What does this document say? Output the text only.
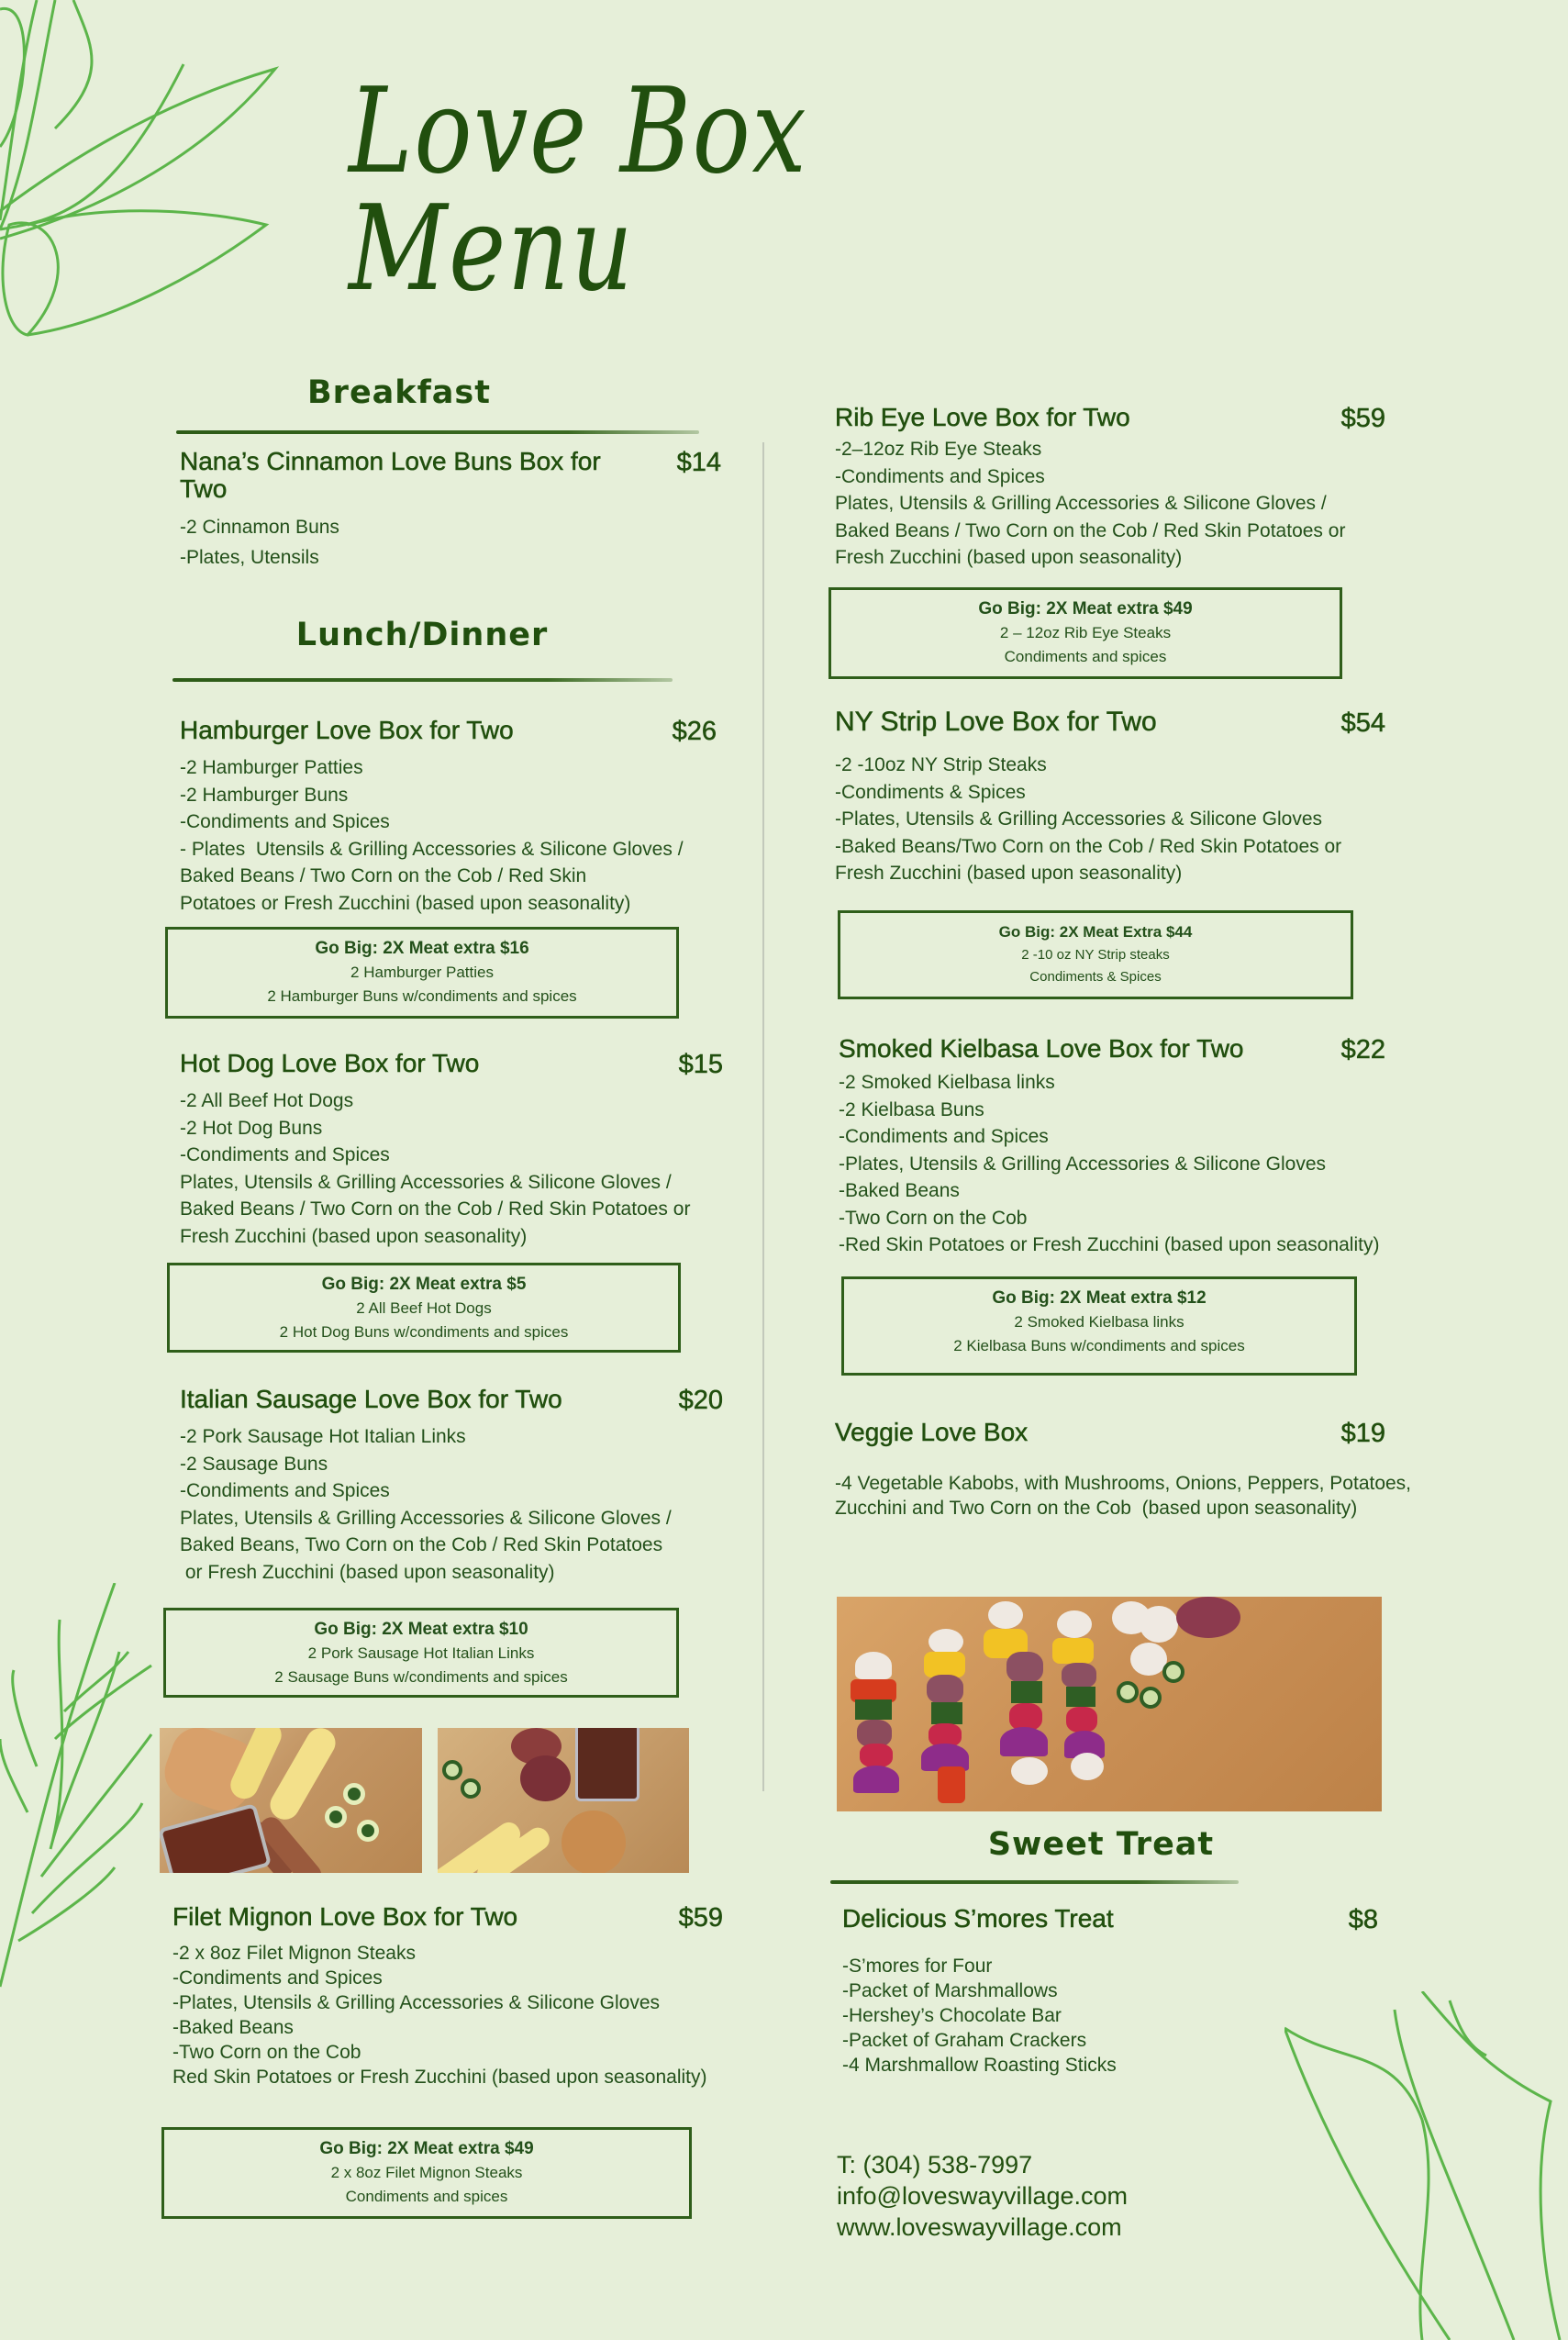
Love Box Menu
Breakfast
Nana’s Cinnamon Love Buns Box for Two
$14
-2 Cinnamon Buns
-Plates, Utensils
Lunch/Dinner
Hamburger Love Box for Two	$26
-2 Hamburger Patties
-2 Hamburger Buns
-Condiments and Spices
- Plates  Utensils & Grilling Accessories & Silicone Gloves /
Baked Beans / Two Corn on the Cob / Red Skin
Potatoes or Fresh Zucchini (based upon seasonality)
Go Big: 2X Meat extra $16
2 Hamburger Patties
2 Hamburger Buns w/condiments and spices
Hot Dog Love Box for Two	$15
-2 All Beef Hot Dogs
-2 Hot Dog Buns
-Condiments and Spices
Plates, Utensils & Grilling Accessories & Silicone Gloves /
Baked Beans / Two Corn on the Cob / Red Skin Potatoes or
Fresh Zucchini (based upon seasonality)
Go Big: 2X Meat extra $5
2 All Beef Hot Dogs
2 Hot Dog Buns w/condiments and spices
Italian Sausage Love Box for Two	$20
-2 Pork Sausage Hot Italian Links
-2 Sausage Buns
-Condiments and Spices
Plates, Utensils & Grilling Accessories & Silicone Gloves /
Baked Beans, Two Corn on the Cob / Red Skin Potatoes
or Fresh Zucchini (based upon seasonality)
Go Big: 2X Meat extra $10
2 Pork Sausage Hot Italian Links
2 Sausage Buns w/condiments and spices
Filet Mignon Love Box for Two	$59
-2 x 8oz Filet Mignon Steaks
-Condiments and Spices
-Plates, Utensils & Grilling Accessories & Silicone Gloves
-Baked Beans
-Two Corn on the Cob
Red Skin Potatoes or Fresh Zucchini (based upon seasonality)
Go Big: 2X Meat extra $49
2 x 8oz Filet Mignon Steaks
Condiments and spices
Rib Eye Love Box for Two	$59
-2–12oz Rib Eye Steaks
-Condiments and Spices
Plates, Utensils & Grilling Accessories & Silicone Gloves /
Baked Beans / Two Corn on the Cob / Red Skin Potatoes or
Fresh Zucchini (based upon seasonality)
Go Big: 2X Meat extra $49
2 – 12oz Rib Eye Steaks
Condiments and spices
NY Strip Love Box for Two	$54
-2 -10oz NY Strip Steaks
-Condiments & Spices
-Plates, Utensils & Grilling Accessories & Silicone Gloves
-Baked Beans/Two Corn on the Cob / Red Skin Potatoes or
Fresh Zucchini (based upon seasonality)
Go Big: 2X Meat Extra $44
2 -10 oz NY Strip steaks
Condiments & Spices
Smoked Kielbasa Love Box for Two	$22
-2 Smoked Kielbasa links
-2 Kielbasa Buns
-Condiments and Spices
-Plates, Utensils & Grilling Accessories & Silicone Gloves
-Baked Beans
-Two Corn on the Cob
-Red Skin Potatoes or Fresh Zucchini (based upon seasonality)
Go Big: 2X Meat extra $12
2 Smoked Kielbasa links
2 Kielbasa Buns w/condiments and spices
Veggie Love Box	$19
-4 Vegetable Kabobs, with Mushrooms, Onions, Peppers, Potatoes,
Zucchini and Two Corn on the Cob  (based upon seasonality)
Sweet Treat
Delicious S’mores Treat	$8
-S’mores for Four
-Packet of Marshmallows
-Hershey’s Chocolate Bar
-Packet of Graham Crackers
-4 Marshmallow Roasting Sticks
T: (304) 538-7997
info@loveswayvillage.com
www.loveswayvillage.com
